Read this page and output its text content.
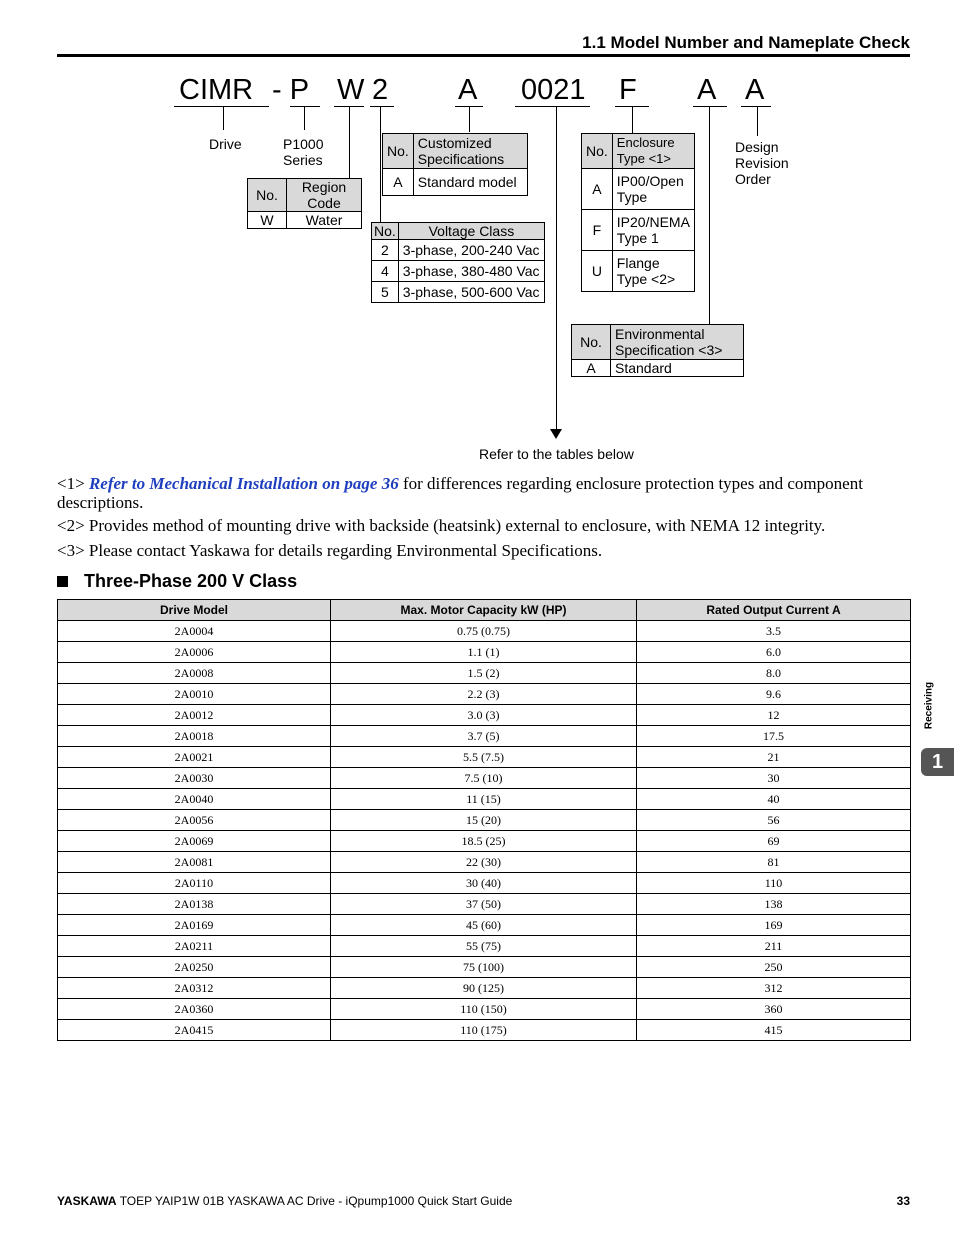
1.1 Model Number and Nameplate Check
CIMR - P W 2 A 0021 F A A
Drive	P1000
Series
Design
Revision
Order
Refer to the tables below
No.	Region
Code
W	Water
No.	Customized
Specifications
A	Standard model
No.	Voltage Class
2	3-phase, 200-240 Vac
4	3-phase, 380-480 Vac
5	3-phase, 500-600 Vac
No.	Enclosure
Type <1>
A	IP00/Open
Type
F	IP20/NEMA
Type 1
U	Flange
Type <2>
No.	Environmental
Specification <3>
A	Standard
<1> Refer to Mechanical Installation on page 36 for differences regarding enclosure protection types and component descriptions.
<2> Provides method of mounting drive with backside (heatsink) external to enclosure, with NEMA 12 integrity.
<3> Please contact Yaskawa for details regarding Environmental Specifications.
Three-Phase 200 V Class
Drive Model	Max. Motor Capacity kW (HP)	Rated Output Current A
2A0004	0.75 (0.75)	3.5
2A0006	1.1 (1)	6.0
2A0008	1.5 (2)	8.0
2A0010	2.2 (3)	9.6
2A0012	3.0 (3)	12
2A0018	3.7 (5)	17.5
2A0021	5.5 (7.5)	21
2A0030	7.5 (10)	30
2A0040	11 (15)	40
2A0056	15 (20)	56
2A0069	18.5 (25)	69
2A0081	22 (30)	81
2A0110	30 (40)	110
2A0138	37 (50)	138
2A0169	45 (60)	169
2A0211	55 (75)	211
2A0250	75 (100)	250
2A0312	90 (125)	312
2A0360	110 (150)	360
2A0415	110 (175)	415
Receiving
1
YASKAWA TOEP YAIP1W 01B YASKAWA AC Drive - iQpump1000 Quick Start Guide	33
